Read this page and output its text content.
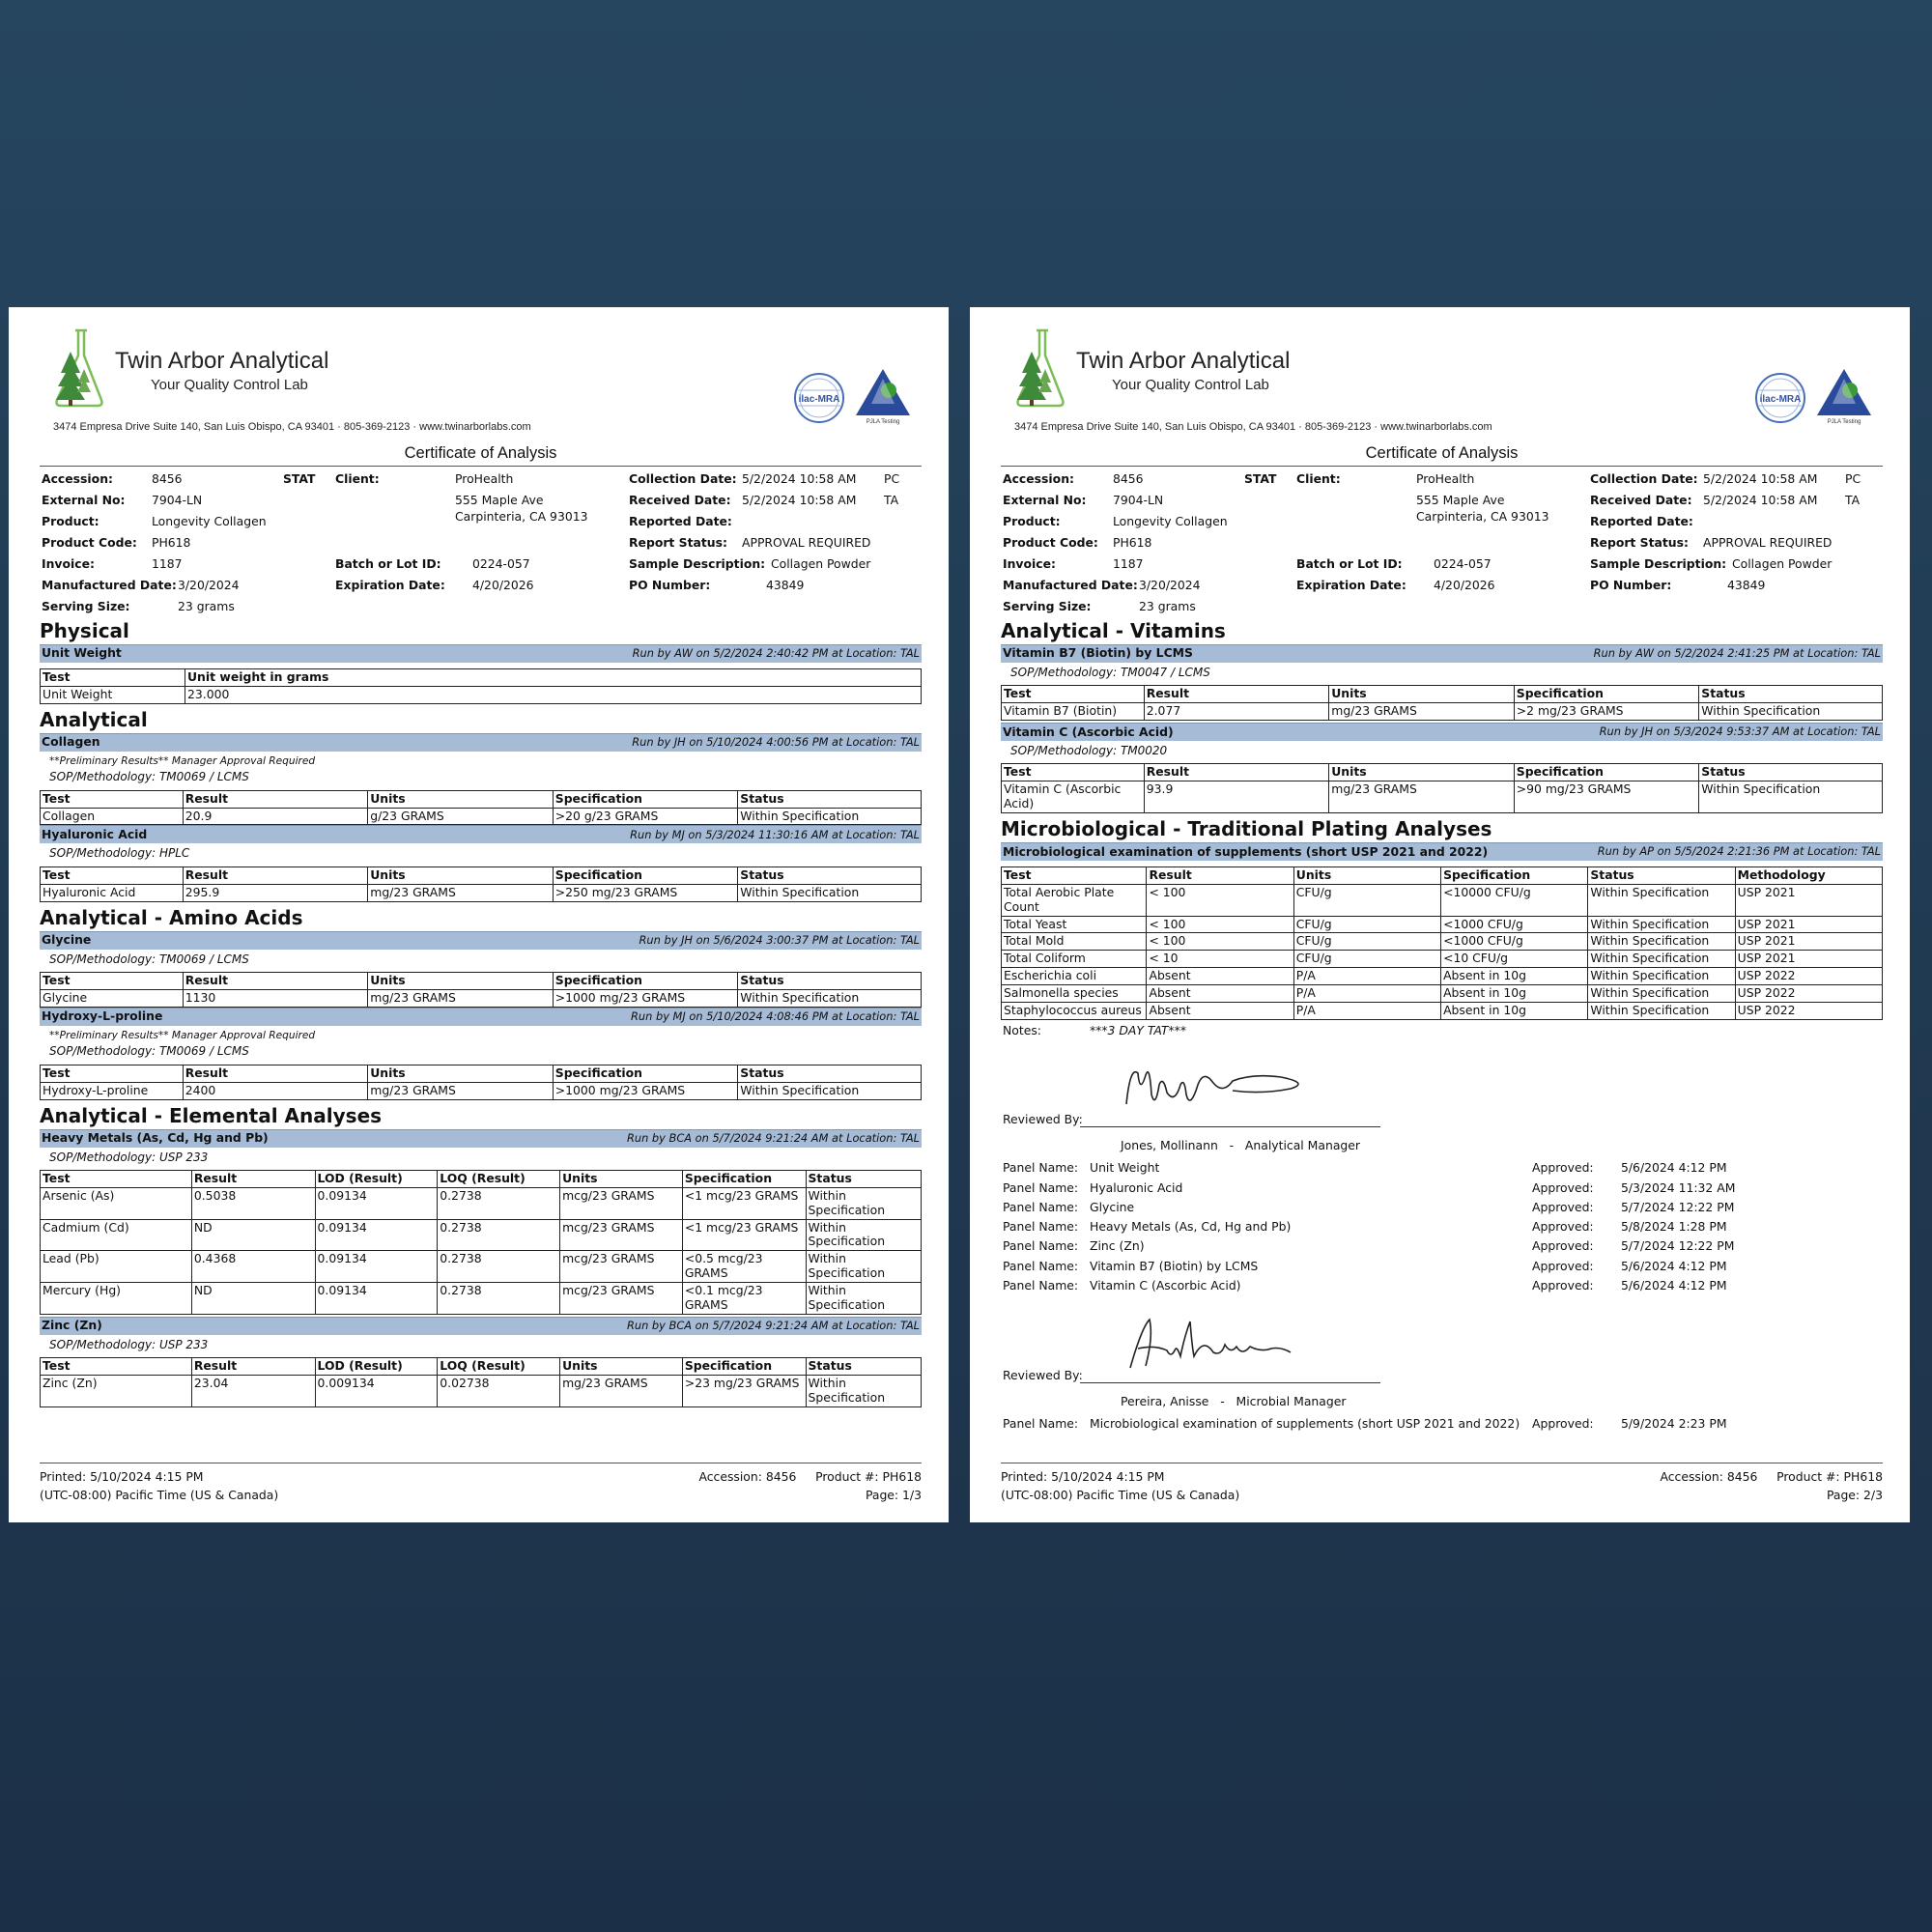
Twin Arbor Analytical
Your Quality Control Lab
3474 Empresa Drive Suite 140, San Luis Obispo, CA 93401 · 805-369-2123 · www.twinarborlabs.com
ilac-MRA
PJLA Testing
Certificate of Analysis
Accession:	8456	STAT
External No: 7904-LN
Product:	Longevity Collagen
Product Code: PH618
Invoice:	1187
Manufactured Date: 3/20/2024
Serving Size:	23 grams
Client:	ProHealth
555 Maple Ave
Carpinteria, CA 93013
Batch or Lot ID:	0224-057
Expiration Date: 4/20/2026
Collection Date: 5/2/2024 10:58 AM PC
Received Date: 5/2/2024 10:58 AM TA
Reported Date:
Report Status: APPROVAL REQUIRED
Sample Description: Collagen Powder
PO Number:	43849
Physical
Unit Weight	Run by AW on 5/2/2024 2:40:42 PM at Location: TAL
Test	Unit weight in grams
Unit Weight	23.000
Analytical
Collagen	Run by JH on 5/10/2024 4:00:56 PM at Location: TAL
**Preliminary Results** Manager Approval Required
SOP/Methodology: TM0069 / LCMS
Test	Result	Units	Specification	Status
Collagen	20.9	g/23 GRAMS	>20 g/23 GRAMS	Within Specification
Hyaluronic Acid	Run by MJ on 5/3/2024 11:30:16 AM at Location: TAL
SOP/Methodology: HPLC
Test	Result	Units	Specification	Status
Hyaluronic Acid	295.9	mg/23 GRAMS	>250 mg/23 GRAMS	Within Specification
Analytical - Amino Acids
Glycine	Run by JH on 5/6/2024 3:00:37 PM at Location: TAL
SOP/Methodology: TM0069 / LCMS
Test	Result	Units	Specification	Status
Glycine	1130	mg/23 GRAMS	>1000 mg/23 GRAMS	Within Specification
Hydroxy-L-proline	Run by MJ on 5/10/2024 4:08:46 PM at Location: TAL
**Preliminary Results** Manager Approval Required
SOP/Methodology: TM0069 / LCMS
Test	Result	Units	Specification	Status
Hydroxy-L-proline	2400	mg/23 GRAMS	>1000 mg/23 GRAMS	Within Specification
Analytical - Elemental Analyses
Heavy Metals (As, Cd, Hg and Pb)	Run by BCA on 5/7/2024 9:21:24 AM at Location: TAL
SOP/Methodology: USP 233
Test	Result	LOD (Result)	LOQ (Result)	Units	Specification	Status
Arsenic (As)	0.5038	0.09134	0.2738	mcg/23 GRAMS	<1 mcg/23 GRAMS	Within Specification
Cadmium (Cd)	ND	0.09134	0.2738	mcg/23 GRAMS	<1 mcg/23 GRAMS	Within Specification
Lead (Pb)	0.4368	0.09134	0.2738	mcg/23 GRAMS	<0.5 mcg/23 GRAMS	Within Specification
Mercury (Hg)	ND	0.09134	0.2738	mcg/23 GRAMS	<0.1 mcg/23 GRAMS	Within Specification
Zinc (Zn)	Run by BCA on 5/7/2024 9:21:24 AM at Location: TAL
SOP/Methodology: USP 233
Test	Result	LOD (Result)	LOQ (Result)	Units	Specification	Status
Zinc (Zn)	23.04	0.009134	0.02738	mg/23 GRAMS	>23 mg/23 GRAMS	Within Specification
Printed: 5/10/2024 4:15 PM
(UTC-08:00) Pacific Time (US & Canada)
Accession: 8456     Product #: PH618
Page: 1/3
Twin Arbor Analytical
Your Quality Control Lab
3474 Empresa Drive Suite 140, San Luis Obispo, CA 93401 · 805-369-2123 · www.twinarborlabs.com
ilac-MRA
PJLA Testing
Certificate of Analysis
Accession:	8456	STAT
External No: 7904-LN
Product:	Longevity Collagen
Product Code: PH618
Invoice:	1187
Manufactured Date: 3/20/2024
Serving Size:	23 grams
Client:	ProHealth
555 Maple Ave
Carpinteria, CA 93013
Batch or Lot ID:	0224-057
Expiration Date: 4/20/2026
Collection Date: 5/2/2024 10:58 AM PC
Received Date: 5/2/2024 10:58 AM TA
Reported Date:
Report Status: APPROVAL REQUIRED
Sample Description: Collagen Powder
PO Number:	43849
Analytical - Vitamins
Vitamin B7 (Biotin) by LCMS	Run by AW on 5/2/2024 2:41:25 PM at Location: TAL
SOP/Methodology: TM0047 / LCMS
Test	Result	Units	Specification	Status
Vitamin B7 (Biotin)	2.077	mg/23 GRAMS	>2 mg/23 GRAMS	Within Specification
Vitamin C (Ascorbic Acid)	Run by JH on 5/3/2024 9:53:37 AM at Location: TAL
SOP/Methodology: TM0020
Test	Result	Units	Specification	Status
Vitamin C (Ascorbic Acid)	93.9	mg/23 GRAMS	>90 mg/23 GRAMS	Within Specification
Microbiological - Traditional Plating Analyses
Microbiological examination of supplements (short USP 2021 and 2022)	Run by AP on 5/5/2024 2:21:36 PM at Location: TAL
Test	Result	Units	Specification	Status	Methodology
Total Aerobic Plate Count	< 100	CFU/g	<10000 CFU/g	Within Specification	USP 2021
Total Yeast	< 100	CFU/g	<1000 CFU/g	Within Specification	USP 2021
Total Mold	< 100	CFU/g	<1000 CFU/g	Within Specification	USP 2021
Total Coliform	< 10	CFU/g	<10 CFU/g	Within Specification	USP 2021
Escherichia coli	Absent	P/A	Absent in 10g	Within Specification	USP 2022
Salmonella species	Absent	P/A	Absent in 10g	Within Specification	USP 2022
Staphylococcus aureus	Absent	P/A	Absent in 10g	Within Specification	USP 2022
Notes:	***3 DAY TAT***
Reviewed By:
Jones, Mollinann   -   Analytical Manager
Panel Name: Unit Weight	Approved:	5/6/2024 4:12 PM
Panel Name: Hyaluronic Acid	Approved:	5/3/2024 11:32 AM
Panel Name: Glycine	Approved:	5/7/2024 12:22 PM
Panel Name: Heavy Metals (As, Cd, Hg and Pb)	Approved:	5/8/2024 1:28 PM
Panel Name: Zinc (Zn)	Approved:	5/7/2024 12:22 PM
Panel Name: Vitamin B7 (Biotin) by LCMS	Approved:	5/6/2024 4:12 PM
Panel Name: Vitamin C (Ascorbic Acid)	Approved:	5/6/2024 4:12 PM
Reviewed By:
Pereira, Anisse   -   Microbial Manager
Panel Name: Microbiological examination of supplements (short USP 2021 and 2022)	Approved:	5/9/2024 2:23 PM
Printed: 5/10/2024 4:15 PM
(UTC-08:00) Pacific Time (US & Canada)
Accession: 8456     Product #: PH618
Page: 2/3
